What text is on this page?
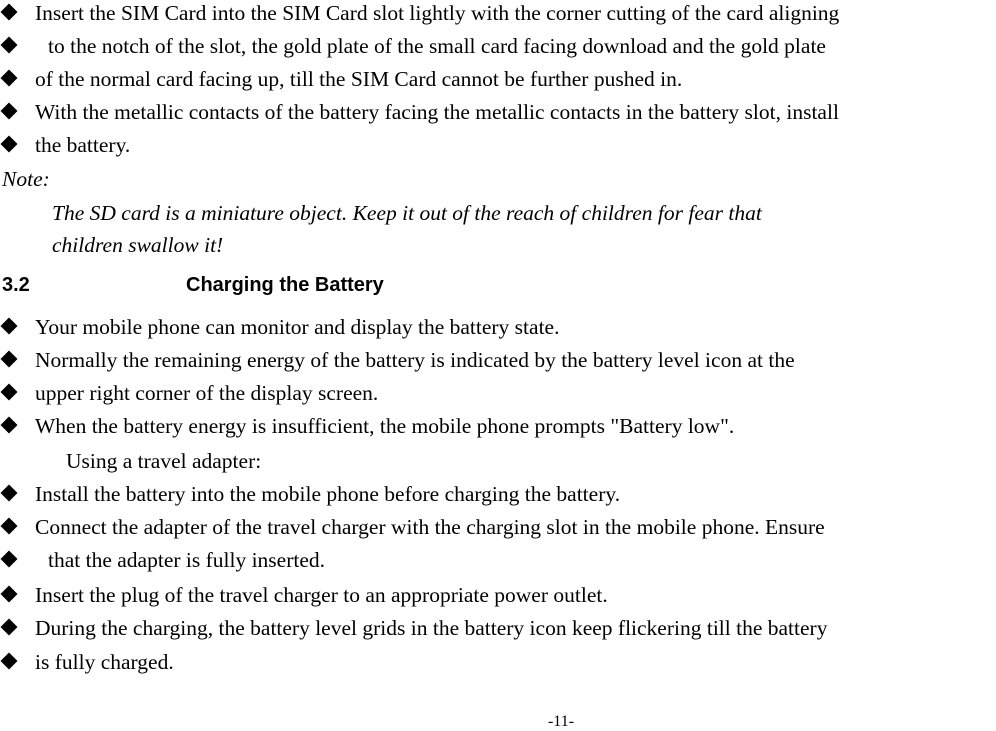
Insert the SIM Card into the SIM Card slot lightly with the corner cutting of the card aligning
to the notch of the slot, the gold plate of the small card facing download and the gold plate
of the normal card facing up, till the SIM Card cannot be further pushed in.
With the metallic contacts of the battery facing the metallic contacts in the battery slot, install
the battery.
Note:
The SD card is a miniature object. Keep it out of the reach of children for fear that
children swallow it!
3.2	Charging the Battery
Your mobile phone can monitor and display the battery state.
Normally the remaining energy of the battery is indicated by the battery level icon at the
upper right corner of the display screen.
When the battery energy is insufficient, the mobile phone prompts "Battery low".
Using a travel adapter:
Install the battery into the mobile phone before charging the battery.
Connect the adapter of the travel charger with the charging slot in the mobile phone. Ensure
that the adapter is fully inserted.
Insert the plug of the travel charger to an appropriate power outlet.
During the charging, the battery level grids in the battery icon keep flickering till the battery
is fully charged.
-11-
